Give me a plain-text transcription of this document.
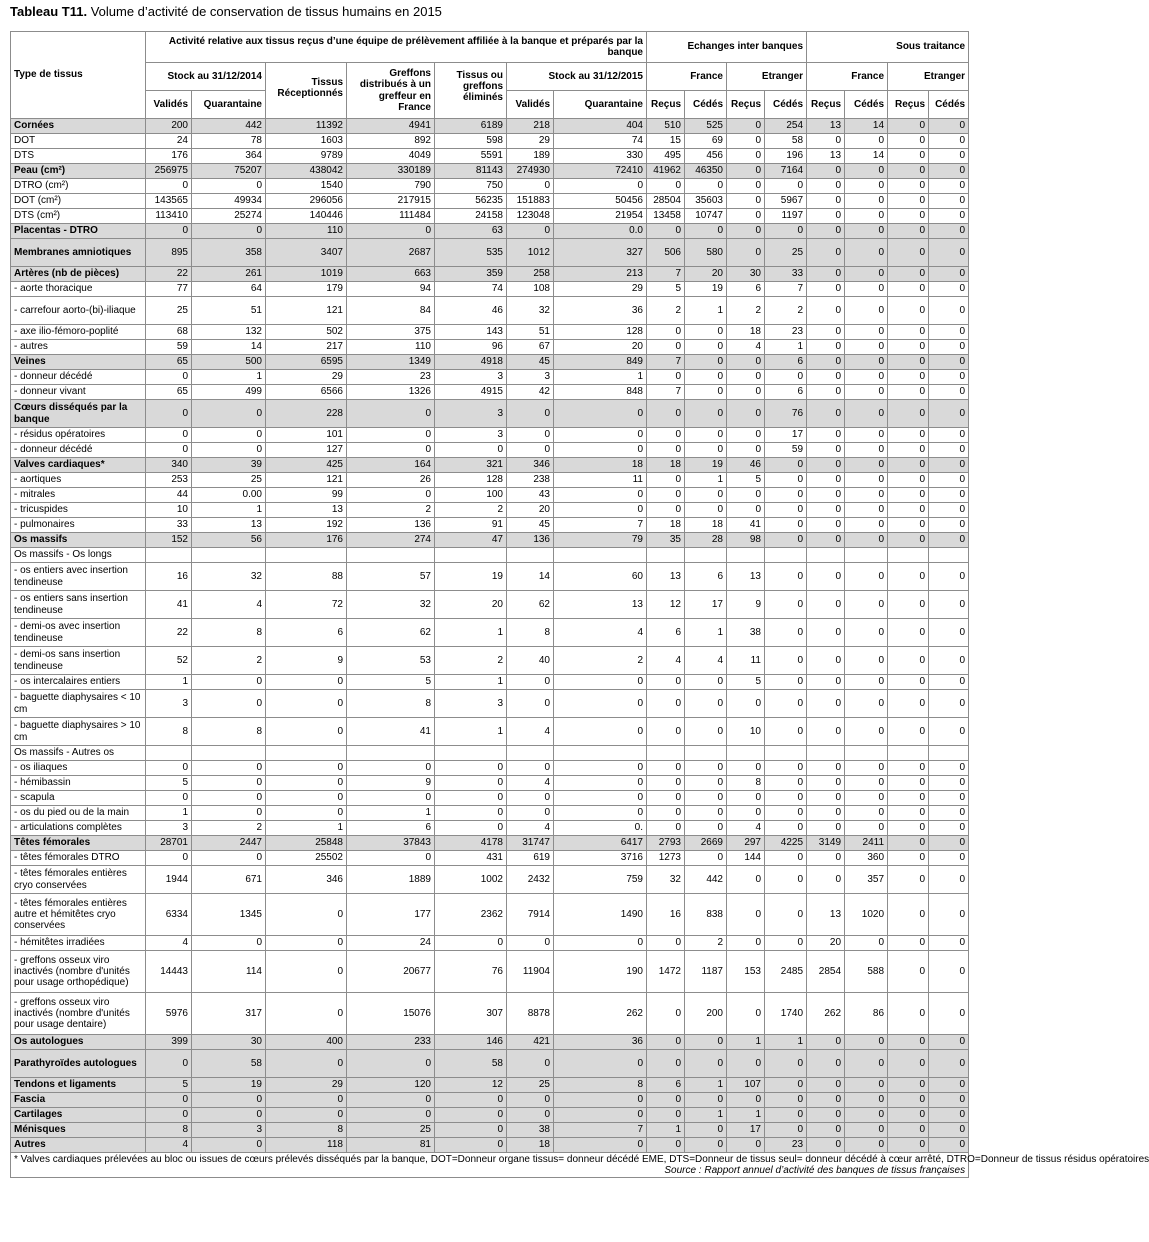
Tableau T11. Volume d’activité de conservation de tissus humains en 2015
Type de tissus	Activité relative aux tissus reçus d’une équipe de prélèvement affiliée à la banque et préparés par la banque							Echanges inter banques				Sous traitance			
	Stock au 31/12/2014		Tissus Réceptionnés	Greffons distribués à un greffeur en France	Tissus ou greffons éliminés	Stock au 31/12/2015		France		Etranger		France		Etranger	
	Validés	Quarantaine				Validés	Quarantaine	Reçus	Cédés	Reçus	Cédés	Reçus	Cédés	Reçus	Cédés
Cornées	200	442	11392	4941	6189	218	404	510	525	0	254	13	14	0	0
DOT	24	78	1603	892	598	29	74	15	69	0	58	0	0	0	0
DTS	176	364	9789	4049	5591	189	330	495	456	0	196	13	14	0	0
Peau (cm²)	256975	75207	438042	330189	81143	274930	72410	41962	46350	0	7164	0	0	0	0
DTRO (cm²)	0	0	1540	790	750	0	0	0	0	0	0	0	0	0	0
DOT (cm²)	143565	49934	296056	217915	56235	151883	50456	28504	35603	0	5967	0	0	0	0
DTS (cm²)	113410	25274	140446	111484	24158	123048	21954	13458	10747	0	1197	0	0	0	0
Placentas - DTRO	0	0	110	0	63	0	0.0	0	0	0	0	0	0	0	0
Membranes amniotiques	895	358	3407	2687	535	1012	327	506	580	0	25	0	0	0	0
Artères (nb de pièces)	22	261	1019	663	359	258	213	7	20	30	33	0	0	0	0
- aorte thoracique	77	64	179	94	74	108	29	5	19	6	7	0	0	0	0
- carrefour aorto-(bi)-iliaque	25	51	121	84	46	32	36	2	1	2	2	0	0	0	0
- axe ilio-fémoro-poplité	68	132	502	375	143	51	128	0	0	18	23	0	0	0	0
- autres	59	14	217	110	96	67	20	0	0	4	1	0	0	0	0
Veines	65	500	6595	1349	4918	45	849	7	0	0	6	0	0	0	0
- donneur décédé	0	1	29	23	3	3	1	0	0	0	0	0	0	0	0
- donneur vivant	65	499	6566	1326	4915	42	848	7	0	0	6	0	0	0	0
Cœurs disséqués par la banque	0	0	228	0	3	0	0	0	0	0	76	0	0	0	0
- résidus opératoires	0	0	101	0	3	0	0	0	0	0	17	0	0	0	0
- donneur décédé	0	0	127	0	0	0	0	0	0	0	59	0	0	0	0
Valves cardiaques*	340	39	425	164	321	346	18	18	19	46	0	0	0	0	0
- aortiques	253	25	121	26	128	238	11	0	1	5	0	0	0	0	0
- mitrales	44	0.00	99	0	100	43	0	0	0	0	0	0	0	0	0
- tricuspides	10	1	13	2	2	20	0	0	0	0	0	0	0	0	0
- pulmonaires	33	13	192	136	91	45	7	18	18	41	0	0	0	0	0
Os massifs	152	56	176	274	47	136	79	35	28	98	0	0	0	0	0
Os massifs - Os longs															
- os entiers avec insertion tendineuse	16	32	88	57	19	14	60	13	6	13	0	0	0	0	0
- os entiers sans insertion tendineuse	41	4	72	32	20	62	13	12	17	9	0	0	0	0	0
- demi-os avec insertion tendineuse	22	8	6	62	1	8	4	6	1	38	0	0	0	0	0
- demi-os sans insertion tendineuse	52	2	9	53	2	40	2	4	4	11	0	0	0	0	0
- os intercalaires entiers	1	0	0	5	1	0	0	0	0	5	0	0	0	0	0
- baguette diaphysaires < 10 cm	3	0	0	8	3	0	0	0	0	0	0	0	0	0	0
- baguette diaphysaires > 10 cm	8	8	0	41	1	4	0	0	0	10	0	0	0	0	0
Os massifs - Autres os															
- os iliaques	0	0	0	0	0	0	0	0	0	0	0	0	0	0	0
- hémibassin	5	0	0	9	0	4	0	0	0	8	0	0	0	0	0
- scapula	0	0	0	0	0	0	0	0	0	0	0	0	0	0	0
- os du pied ou de la main	1	0	0	1	0	0	0	0	0	0	0	0	0	0	0
- articulations complètes	3	2	1	6	0	4	0.	0	0	4	0	0	0	0	0
Têtes fémorales	28701	2447	25848	37843	4178	31747	6417	2793	2669	297	4225	3149	2411	0	0
- têtes fémorales DTRO	0	0	25502	0	431	619	3716	1273	0	144	0	0	360	0	0
- têtes fémorales entières cryo conservées	1944	671	346	1889	1002	2432	759	32	442	0	0	0	357	0	0
- têtes fémorales entières autre et hémitêtes cryo conservées	6334	1345	0	177	2362	7914	1490	16	838	0	0	13	1020	0	0
- hémitêtes irradiées	4	0	0	24	0	0	0	0	2	0	0	20	0	0	0
- greffons osseux viro inactivés (nombre d'unités pour usage orthopédique)	14443	114	0	20677	76	11904	190	1472	1187	153	2485	2854	588	0	0
- greffons osseux viro inactivés (nombre d'unités pour usage dentaire)	5976	317	0	15076	307	8878	262	0	200	0	1740	262	86	0	0
Os autologues	399	30	400	233	146	421	36	0	0	1	1	0	0	0	0
Parathyroïdes autologues	0	58	0	0	58	0	0	0	0	0	0	0	0	0	0
Tendons et ligaments	5	19	29	120	12	25	8	6	1	107	0	0	0	0	0
Fascia	0	0	0	0	0	0	0	0	0	0	0	0	0	0	0
Cartilages	0	0	0	0	0	0	0	0	1	1	0	0	0	0	0
Ménisques	8	3	8	25	0	38	7	1	0	17	0	0	0	0	0
Autres	4	0	118	81	0	18	0	0	0	0	23	0	0	0	0

* Valves cardiaques prélevées au bloc ou issues de cœurs prélevés disséqués par la banque, DOT=Donneur organe tissus= donneur décédé EME, DTS=Donneur de tissus seul= donneur décédé à cœur arrêté, DTRO=Donneur de tissus résidus opératoires
Source : Rapport annuel d’activité des banques de tissus françaises															
